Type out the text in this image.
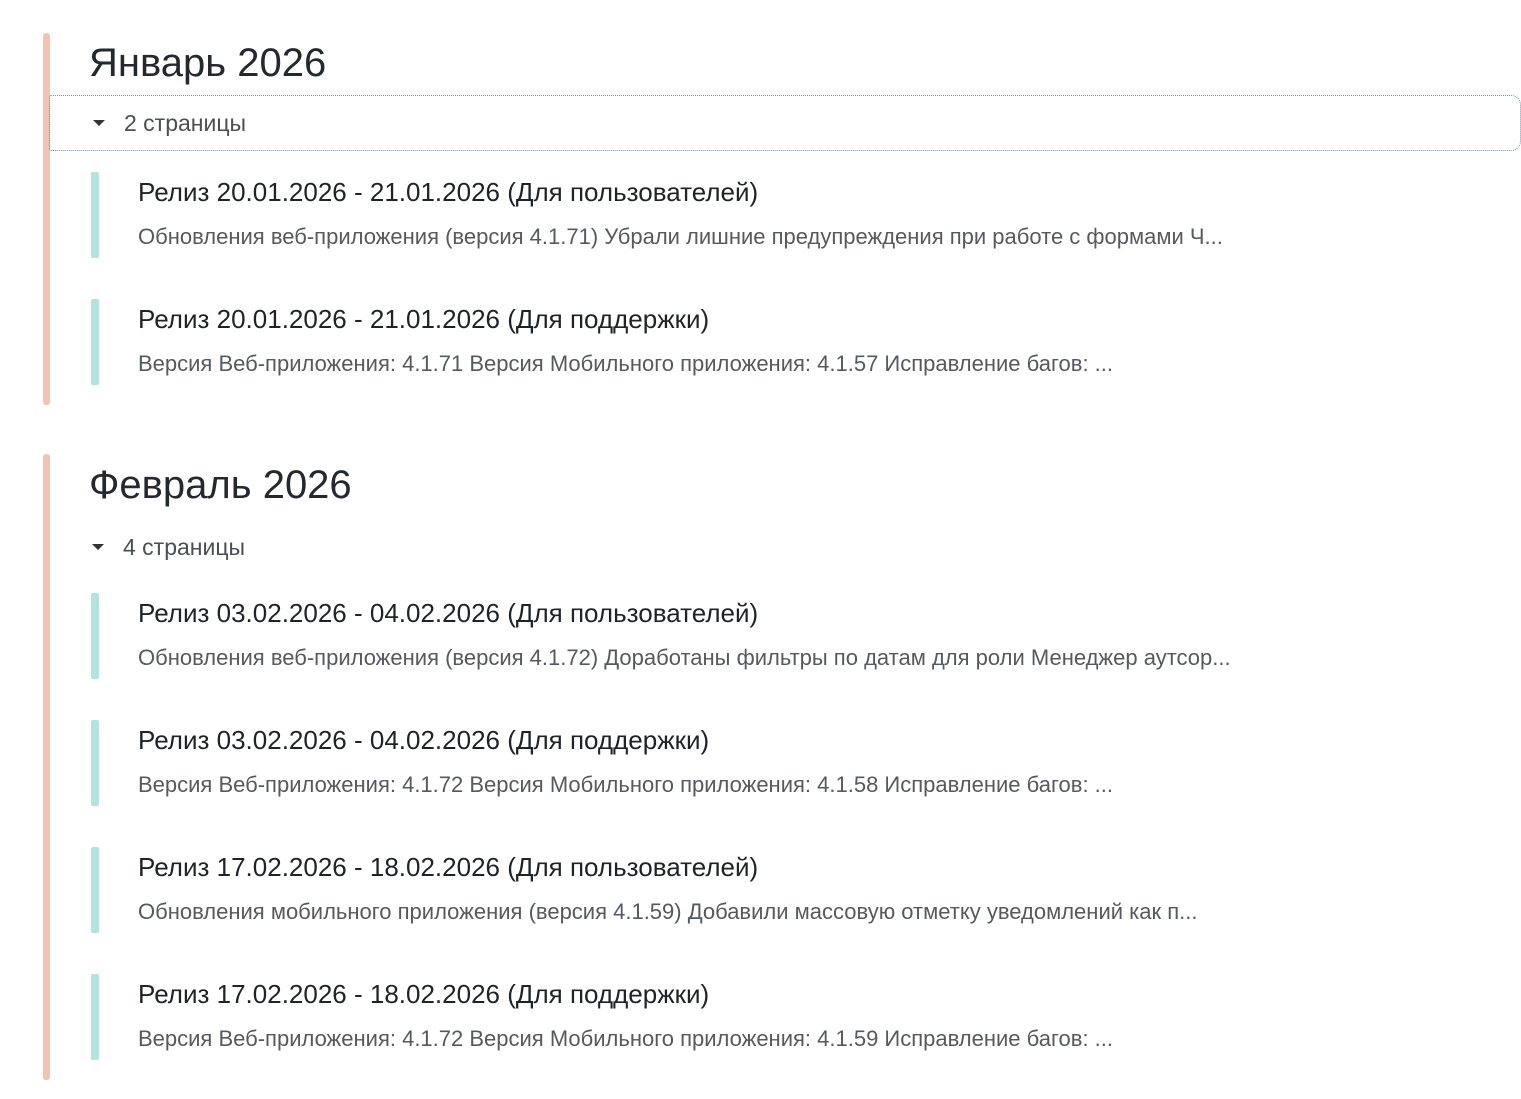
Январь 2026
2 страницы
Релиз 20.01.2026 - 21.01.2026 (Для пользователей)
Обновления веб-приложения (версия 4.1.71) Убрали лишние предупреждения при работе с формами Ч...
Релиз 20.01.2026 - 21.01.2026 (Для поддержки)
Версия Веб-приложения: 4.1.71 Версия Мобильного приложения: 4.1.57 Исправление багов: ...
Февраль 2026
4 страницы
Релиз 03.02.2026 - 04.02.2026 (Для пользователей)
Обновления веб-приложения (версия 4.1.72) Доработаны фильтры по датам для роли Менеджер аутсор...
Релиз 03.02.2026 - 04.02.2026 (Для поддержки)
Версия Веб-приложения: 4.1.72 Версия Мобильного приложения: 4.1.58 Исправление багов: ...
Релиз 17.02.2026 - 18.02.2026 (Для пользователей)
Обновления мобильного приложения (версия 4.1.59) Добавили массовую отметку уведомлений как п...
Релиз 17.02.2026 - 18.02.2026 (Для поддержки)
Версия Веб-приложения: 4.1.72 Версия Мобильного приложения: 4.1.59 Исправление багов: ...
